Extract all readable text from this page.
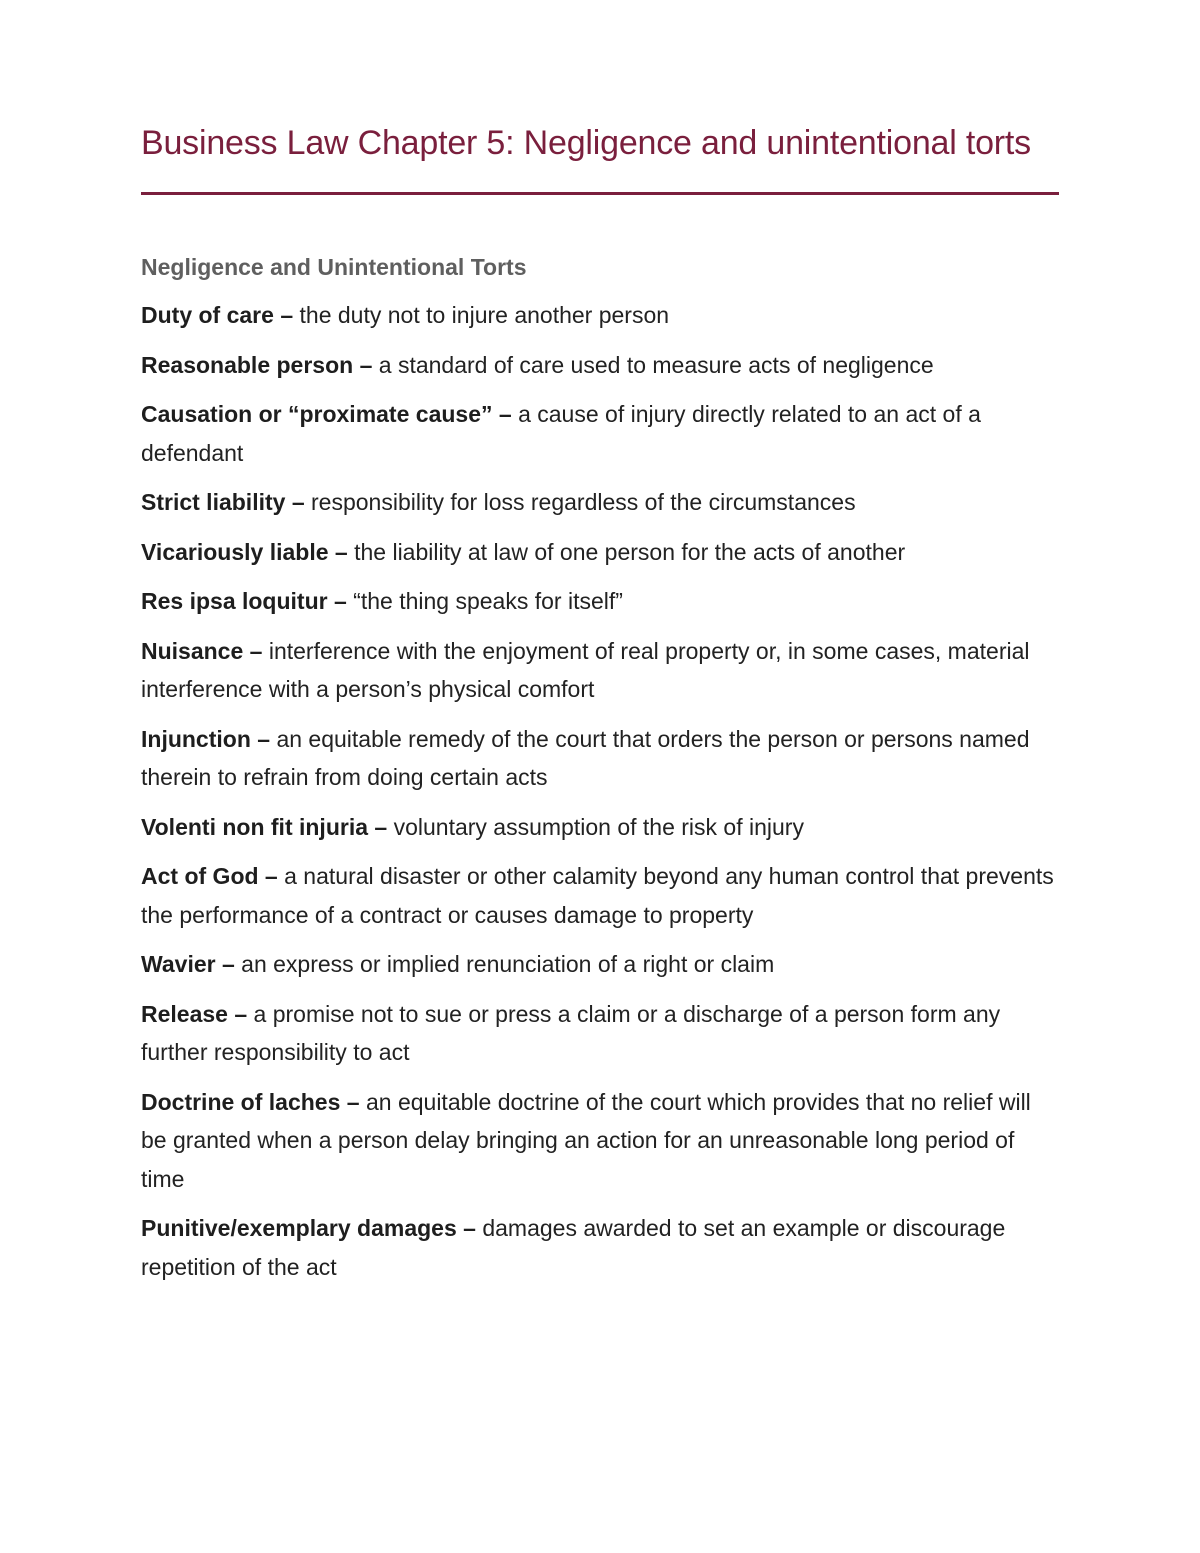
Business Law Chapter 5: Negligence and unintentional torts
Negligence and Unintentional Torts

Duty of care – the duty not to injure another person

Reasonable person – a standard of care used to measure acts of negligence

Causation or “proximate cause” – a cause of injury directly related to an act of a defendant

Strict liability – responsibility for loss regardless of the circumstances

Vicariously liable – the liability at law of one person for the acts of another

Res ipsa loquitur – “the thing speaks for itself”

Nuisance – interference with the enjoyment of real property or, in some cases, material interference with a person’s physical comfort

Injunction – an equitable remedy of the court that orders the person or persons named therein to refrain from doing certain acts

Volenti non fit injuria – voluntary assumption of the risk of injury

Act of God – a natural disaster or other calamity beyond any human control that prevents the performance of a contract or causes damage to property

Wavier – an express or implied renunciation of a right or claim

Release – a promise not to sue or press a claim or a discharge of a person form any further responsibility to act

Doctrine of laches – an equitable doctrine of the court which provides that no relief will be granted when a person delay bringing an action for an unreasonable long period of time

Punitive/exemplary damages – damages awarded to set an example or discourage repetition of the act
